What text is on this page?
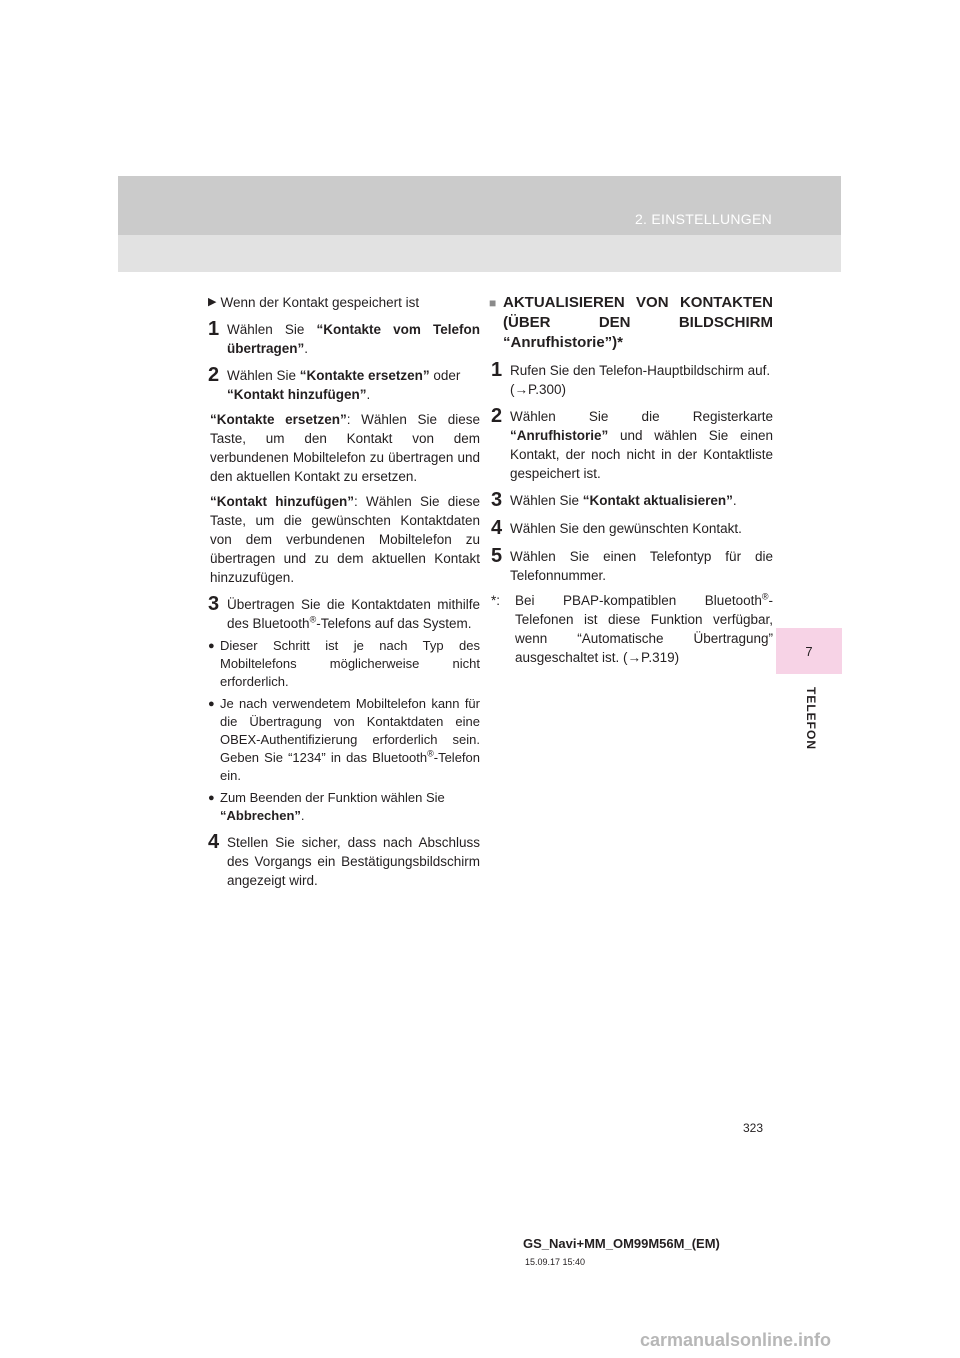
2. EINSTELLUNGEN
7
TELEFON
▶ Wenn der Kontakt gespeichert ist
1 Wählen Sie “Kontakte vom Telefon übertragen”.
2 Wählen Sie “Kontakte ersetzen” oder “Kontakt hinzufügen”.

“Kontakte ersetzen”: Wählen Sie diese Taste, um den Kontakt von dem verbundenen Mobiltelefon zu übertragen und den aktuellen Kontakt zu ersetzen.

“Kontakt hinzufügen”: Wählen Sie diese Taste, um die gewünschten Kontaktdaten von dem verbundenen Mobiltelefon zu übertragen und zu dem aktuellen Kontakt hinzuzufügen.

3 Übertragen Sie die Kontaktdaten mithilfe des Bluetooth®-Telefons auf das System.
● Dieser Schritt ist je nach Typ des Mobiltelefons möglicherweise nicht erforderlich.
● Je nach verwendetem Mobiltelefon kann für die Übertragung von Kontaktdaten eine OBEX-Authentifizierung erforderlich sein. Geben Sie “1234” in das Bluetooth®-Telefon ein.
● Zum Beenden der Funktion wählen Sie “Abbrechen”.
4 Stellen Sie sicher, dass nach Abschluss des Vorgangs ein Bestätigungsbildschirm angezeigt wird.
■ AKTUALISIEREN VON KONTAKTEN (ÜBER DEN BILDSCHIRM “Anrufhistorie”)*
1 Rufen Sie den Telefon-Hauptbildschirm auf. (→P.300)
2 Wählen Sie die Registerkarte “Anrufhistorie” und wählen Sie einen Kontakt, der noch nicht in der Kontaktliste gespeichert ist.
3 Wählen Sie “Kontakt aktualisieren”.
4 Wählen Sie den gewünschten Kontakt.
5 Wählen Sie einen Telefontyp für die Telefonnummer.
*:	Bei PBAP-kompatiblen Bluetooth®-Telefonen ist diese Funktion verfügbar, wenn “Automatische Übertragung” ausgeschaltet ist. (→P.319)
323
GS_Navi+MM_OM99M56M_(EM)
15.09.17 15:40
carmanualsonline.info
